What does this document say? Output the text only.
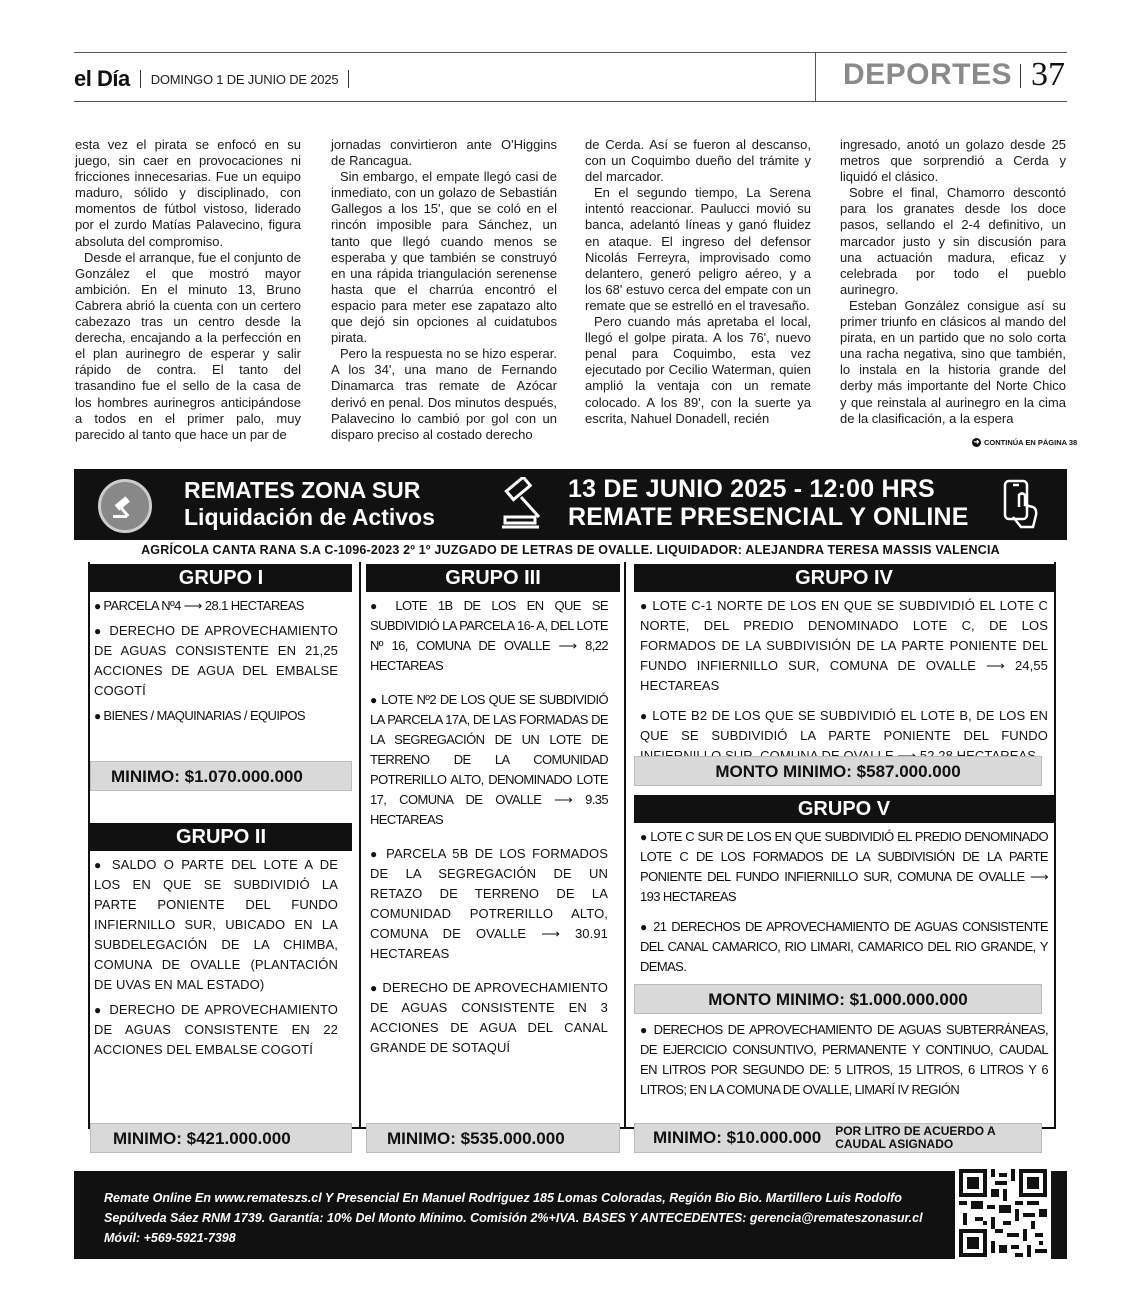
el Día DOMINGO 1 DE JUNIO DE 2025	DEPORTES 37

esta vez el pirata se enfocó en su juego, sin caer en provocaciones ni fricciones innecesarias. Fue un equipo maduro, sólido y disciplinado, con momentos de fútbol vistoso, liderado por el zurdo Matías Palavecino, figura absoluta del compromiso.

Desde el arranque, fue el conjunto de González el que mostró mayor ambición. En el minuto 13, Bruno Cabrera abrió la cuenta con un certero cabezazo tras un centro desde la derecha, encajando a la perfección en el plan aurinegro de esperar y salir rápido de contra. El tanto del trasandino fue el sello de la casa de los hombres aurinegros anticipándose a todos en el primer palo, muy parecido al tanto que hace un par de

jornadas convirtieron ante O'Higgins de Rancagua.

Sin embargo, el empate llegó casi de inmediato, con un golazo de Sebastián Gallegos a los 15', que se coló en el rincón imposible para Sánchez, un tanto que llegó cuando menos se esperaba y que también se construyó en una rápida triangulación serenense hasta que el charrúa encontró el espacio para meter ese zapatazo alto que dejó sin opciones al cuidatubos pirata.

Pero la respuesta no se hizo esperar. A los 34', una mano de Fernando Dinamarca tras remate de Azócar derivó en penal. Dos minutos después, Palavecino lo cambió por gol con un disparo preciso al costado derecho

de Cerda. Así se fueron al descanso, con un Coquimbo dueño del trámite y del marcador.

En el segundo tiempo, La Serena intentó reaccionar. Paulucci movió su banca, adelantó líneas y ganó fluidez en ataque. El ingreso del defensor Nicolás Ferreyra, improvisado como delantero, generó peligro aéreo, y a los 68' estuvo cerca del empate con un remate que se estrelló en el travesaño.

Pero cuando más apretaba el local, llegó el golpe pirata. A los 76', nuevo penal para Coquimbo, esta vez ejecutado por Cecilio Waterman, quien amplió la ventaja con un remate colocado. A los 89', con la suerte ya escrita, Nahuel Donadell, recién

ingresado, anotó un golazo desde 25 metros que sorprendió a Cerda y liquidó el clásico.

Sobre el final, Chamorro descontó para los granates desde los doce pasos, sellando el 2-4 definitivo, un marcador justo y sin discusión para una actuación madura, eficaz y celebrada por todo el pueblo aurinegro.

Esteban González consigue así su primer triunfo en clásicos al mando del pirata, en un partido que no solo corta una racha negativa, sino que también, lo instala en la historia grande del derby más importante del Norte Chico y que reinstala al aurinegro en la cima de la clasificación, a la espera

➜ CONTINÚA EN PÁGINA 38
REMATES ZONA SUR
Liquidación de Activos
13 DE JUNIO 2025 - 12:00 HRS
REMATE PRESENCIAL Y ONLINE
AGRÍCOLA CANTA RANA S.A C-1096-2023 2º 1º JUZGADO DE LETRAS DE OVALLE. LIQUIDADOR: ALEJANDRA TERESA MASSIS VALENCIA
GRUPO I
● PARCELA Nº4 ⟶ 28.1 HECTAREAS
● DERECHO DE APROVECHAMIENTO DE AGUAS CONSISTENTE EN 21,25 ACCIONES DE AGUA DEL EMBALSE COGOTÍ
● BIENES / MAQUINARIAS / EQUIPOS
MINIMO: $1.070.000.000
GRUPO II
● SALDO O PARTE DEL LOTE A DE LOS EN QUE SE SUBDIVIDIÓ LA PARTE PONIENTE DEL FUNDO INFIERNILLO SUR, UBICADO EN LA SUBDELEGACIÓN DE LA CHIMBA, COMUNA DE OVALLE (PLANTACIÓN DE UVAS EN MAL ESTADO)
● DERECHO DE APROVECHAMIENTO DE AGUAS CONSISTENTE EN 22 ACCIONES DEL EMBALSE COGOTÍ
MINIMO: $421.000.000
GRUPO III
● LOTE 1B DE LOS EN QUE SE SUBDIVIDIÓ LA PARCELA 16- A, DEL LOTE Nº 16, COMUNA DE OVALLE ⟶ 8,22 HECTAREAS
● LOTE Nº2 DE LOS QUE SE SUBDIVIDIÓ LA PARCELA 17A, DE LAS FORMADAS DE LA SEGREGACIÓN DE UN LOTE DE TERRENO DE LA COMUNIDAD POTRERILLO ALTO, DENOMINADO LOTE 17, COMUNA DE OVALLE ⟶ 9.35 HECTAREAS
● PARCELA 5B DE LOS FORMADOS DE LA SEGREGACIÓN DE UN RETAZO DE TERRENO DE LA COMUNIDAD POTRERILLO ALTO, COMUNA DE OVALLE ⟶ 30.91 HECTAREAS
● DERECHO DE APROVECHAMIENTO DE AGUAS CONSISTENTE EN 3 ACCIONES DE AGUA DEL CANAL GRANDE DE SOTAQUÍ
MINIMO: $535.000.000
GRUPO IV
● LOTE C-1 NORTE DE LOS EN QUE SE SUBDIVIDIÓ EL LOTE C NORTE, DEL PREDIO DENOMINADO LOTE C, DE LOS FORMADOS DE LA SUBDIVISIÓN DE LA PARTE PONIENTE DEL FUNDO INFIERNILLO SUR, COMUNA DE OVALLE ⟶ 24,55 HECTAREAS
● LOTE B2 DE LOS QUE SE SUBDIVIDIÓ EL LOTE B, DE LOS EN QUE SE SUBDIVIDIÓ LA PARTE PONIENTE DEL FUNDO
MONTO MINIMO: $587.000.000
GRUPO V
● LOTE C SUR DE LOS EN QUE SUBDIVIDIÓ EL PREDIO DENOMINADO LOTE C DE LOS FORMADOS DE LA SUBDIVISIÓN DE LA PARTE PONIENTE DEL FUNDO INFIERNILLO SUR, COMUNA DE OVALLE ⟶ 193 HECTAREAS
● 21 DERECHOS DE APROVECHAMIENTO DE AGUAS CONSISTENTE DEL CANAL CAMARICO, RIO LIMARI, CAMARICO DEL RIO GRANDE, Y DEMAS.
MONTO MINIMO: $1.000.000.000
● DERECHOS DE APROVECHAMIENTO DE AGUAS SUBTERRÁNEAS, DE EJERCICIO CONSUNTIVO, PERMANENTE Y CONTINUO, CAUDAL EN LITROS POR SEGUNDO DE: 5 LITROS, 15 LITROS, 6 LITROS Y 6 LITROS; EN LA COMUNA DE OVALLE, LIMARÍ IV REGIÓN
MINIMO: $10.000.000 POR LITRO DE ACUERDO A CAUDAL ASIGNADO
Remate Online En www.remateszs.cl Y Presencial En Manuel Rodriguez 185 Lomas Coloradas, Región Bio Bio. Martillero Luis Rodolfo Sepúlveda Sáez RNM 1739. Garantía: 10% Del Monto Mínimo. Comisión 2%+IVA. BASES Y ANTECEDENTES: gerencia@remateszonasur.cl Móvil: +569-5921-7398
